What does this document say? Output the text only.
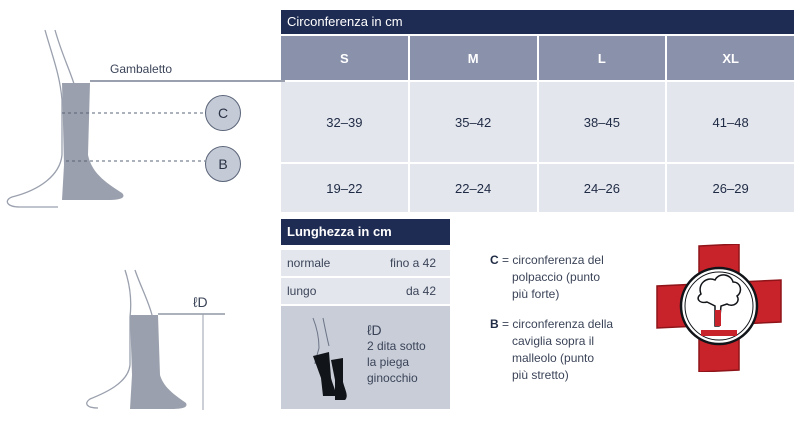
Gambaletto
C
B
ℓD
Circonferenza in cm
S	M	L	XL
32–39	35–42	38–45	41–48
19–22	22–24	24–26	26–29
Lunghezza in cm
normale	fino a 42
lungo	da 42
ℓD
2 dita sotto
la piega
ginocchio
C = circonferenza del
polpaccio (punto
più forte)
B = circonferenza della
caviglia sopra il
malleolo (punto
più stretto)
